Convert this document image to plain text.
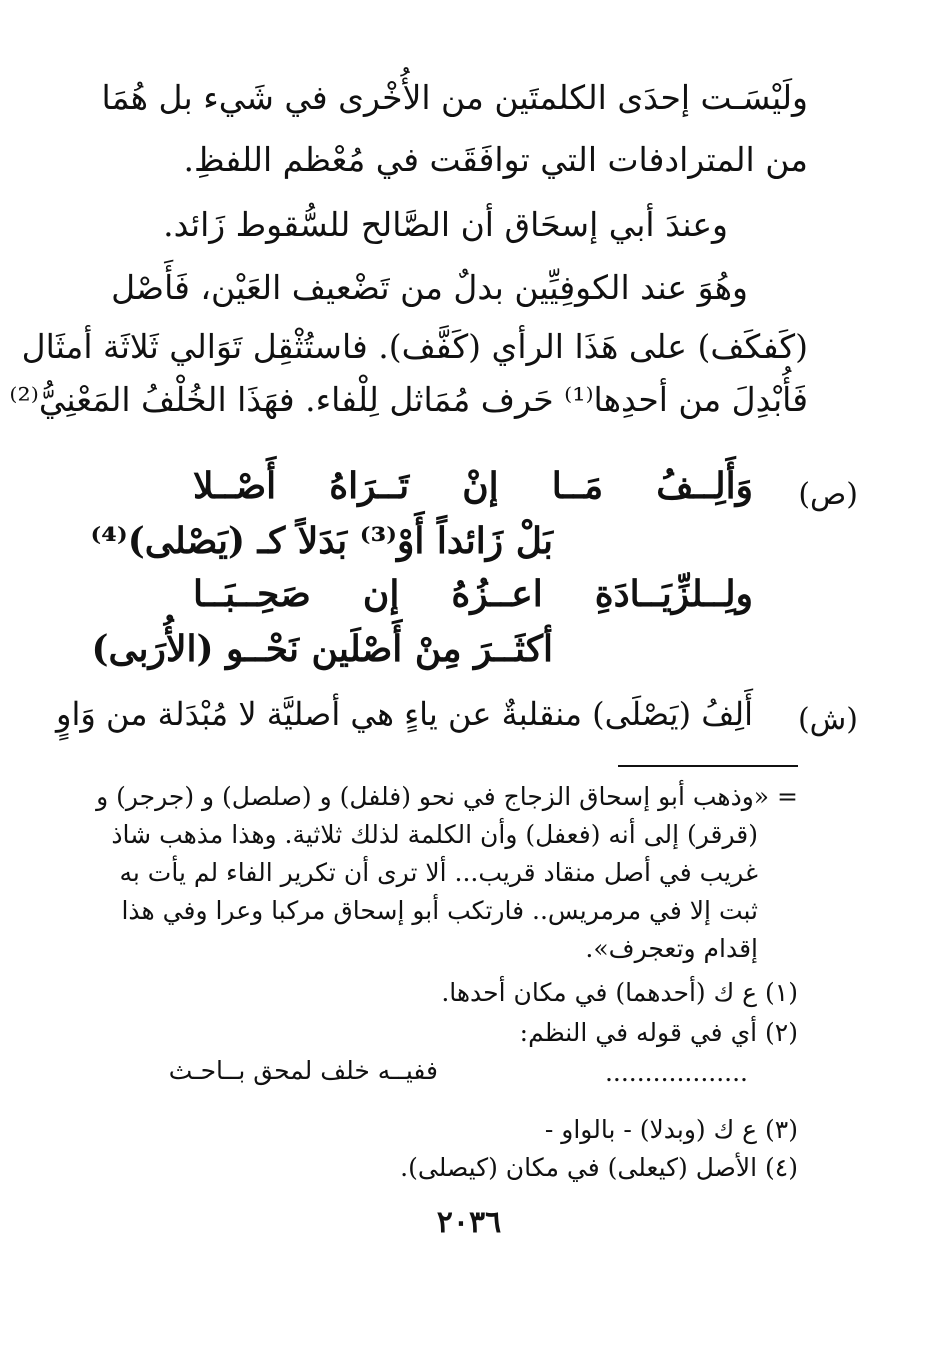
ولَيْسَـت إحدَى الكلمتَين من الأُخْرى في شَيء بل هُمَا
من المترادفات التي توافَقَت في مُعْظم اللفظِ.
وعندَ أبي إسحَاق أن الصَّالح للسُّقوط زَائد.
وهُوَ عند الكوفِيِّين بدلٌ من تَضْعيف العَيْن، فَأَصْل
(كَفكَف) على هَذَا الرأي (كَفَّف). فاستُثْقِل تَوَالي ثَلاثَة أمثَال
فَأُبْدِلَ من أحدِها⁽¹⁾ حَرف مُمَاثل لِلْفاء. فهَذَا الخُلْفُ المَعْنِيُّ⁽²⁾
(ص)
وَأَلِــفُ مَــا إنْ تَــرَاهُ أَصْــلا
بَلْ زَائداً أَوْ⁽³⁾ بَدَلاً كـ (يَصْلى)⁽⁴⁾
ولِــلزِّيَــادَةِ اعــزُهُ إن صَحِــبَــا
أكثَــرَ مِنْ أَصْلَين نَحْــو (الأُرَبى)
(ش)
أَلِفُ (يَصْلَى) منقلبةٌ عن ياءٍ هي أصليَّة لا مُبْدَلة من وَاوٍ
= «وذهب أبو إسحاق الزجاج في نحو (فلفل) و (صلصل) و (جرجر) و
(قرقر) إلى أنه (فعفل) وأن الكلمة لذلك ثلاثية. وهذا مذهب شاذ
غريب في أصل منقاد قريب... ألا ترى أن تكرير الفاء لم يأت به
ثبت إلا في مرمريس.. فارتكب أبو إسحاق مركبا وعرا وفي هذا
إقدام وتعجرف».
(١) ع ك (أحدهما) في مكان أحدها.
(٢) أي في قوله في النظم:
..................
ففيــه خلف لمحق بــاحـث
(٣) ع ك (وبدلا) - بالواو -
(٤) الأصل (كيعلى) في مكان (كيصلى).
٢٠٣٦
